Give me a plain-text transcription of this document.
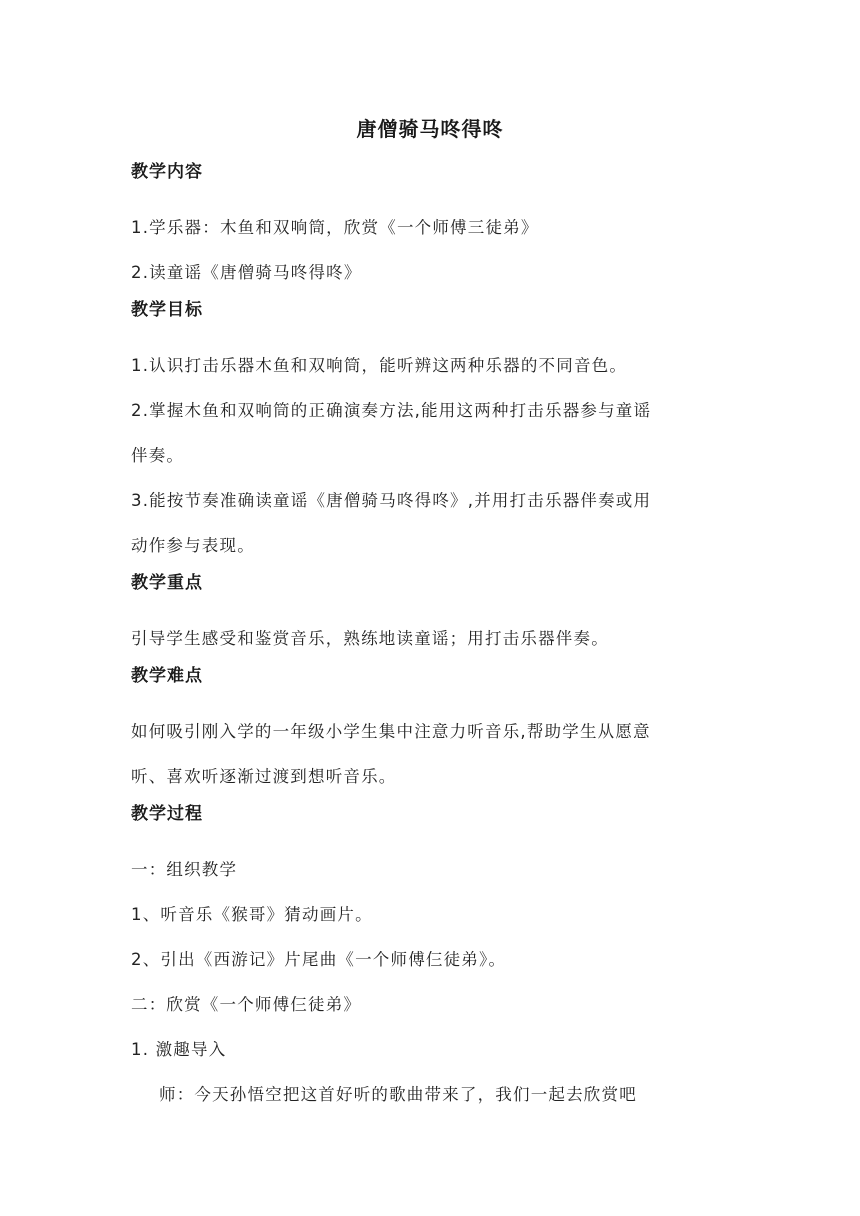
唐僧骑马咚得咚
教学内容
1.学乐器：木鱼和双响筒，欣赏《一个师傅三徒弟》
2.读童谣《唐僧骑马咚得咚》
教学目标
1.认识打击乐器木鱼和双响筒，能听辨这两种乐器的不同音色。
2.掌握木鱼和双响筒的正确演奏方法,能用这两种打击乐器参与童谣
伴奏。
3.能按节奏准确读童谣《唐僧骑马咚得咚》,并用打击乐器伴奏或用
动作参与表现。
教学重点
引导学生感受和鉴赏音乐，熟练地读童谣；用打击乐器伴奏。
教学难点
如何吸引刚入学的一年级小学生集中注意力听音乐,帮助学生从愿意
听、喜欢听逐渐过渡到想听音乐。
教学过程
一：组织教学
1、听音乐《猴哥》猜动画片。
2、引出《西游记》片尾曲《一个师傅仨徒弟》。
二：欣赏《一个师傅仨徒弟》
1. 激趣导入
师：今天孙悟空把这首好听的歌曲带来了，我们一起去欣赏吧
